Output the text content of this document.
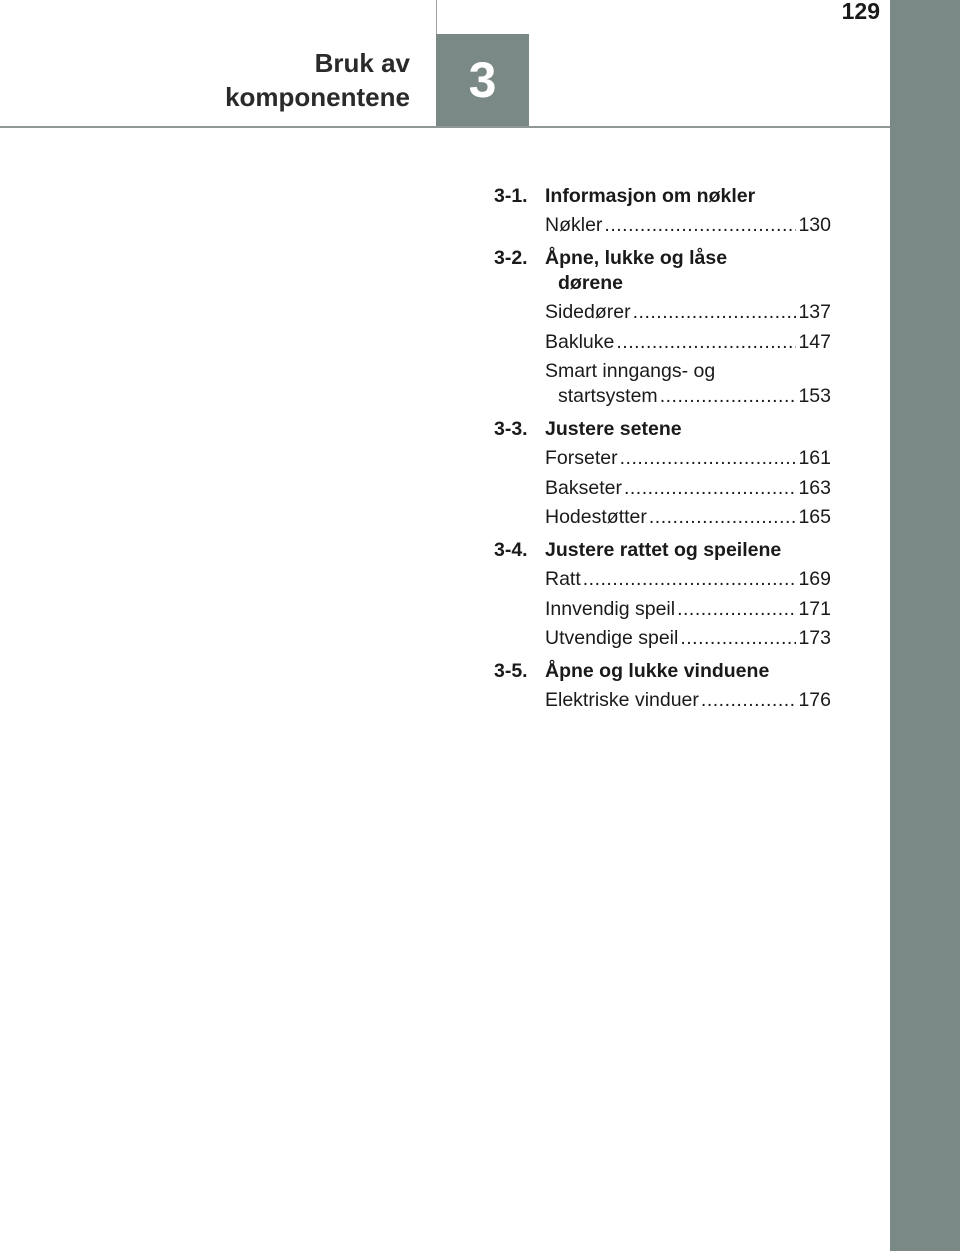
3
129
Bruk av
komponentene
3-1. Informasjon om nøkler
Nøkler .....	130
3-2. Åpne, lukke og låse
dørene
Sidedører .....	137
Bakluke .....	147
Smart inngangs- og
startsystem .....	153
3-3. Justere setene
Forseter .....	161
Bakseter .....	163
Hodestøtter .....	165
3-4. Justere rattet og speilene
Ratt .....	169
Innvendig speil .....	171
Utvendige speil .....	173
3-5. Åpne og lukke vinduene
Elektriske vinduer .....	176
